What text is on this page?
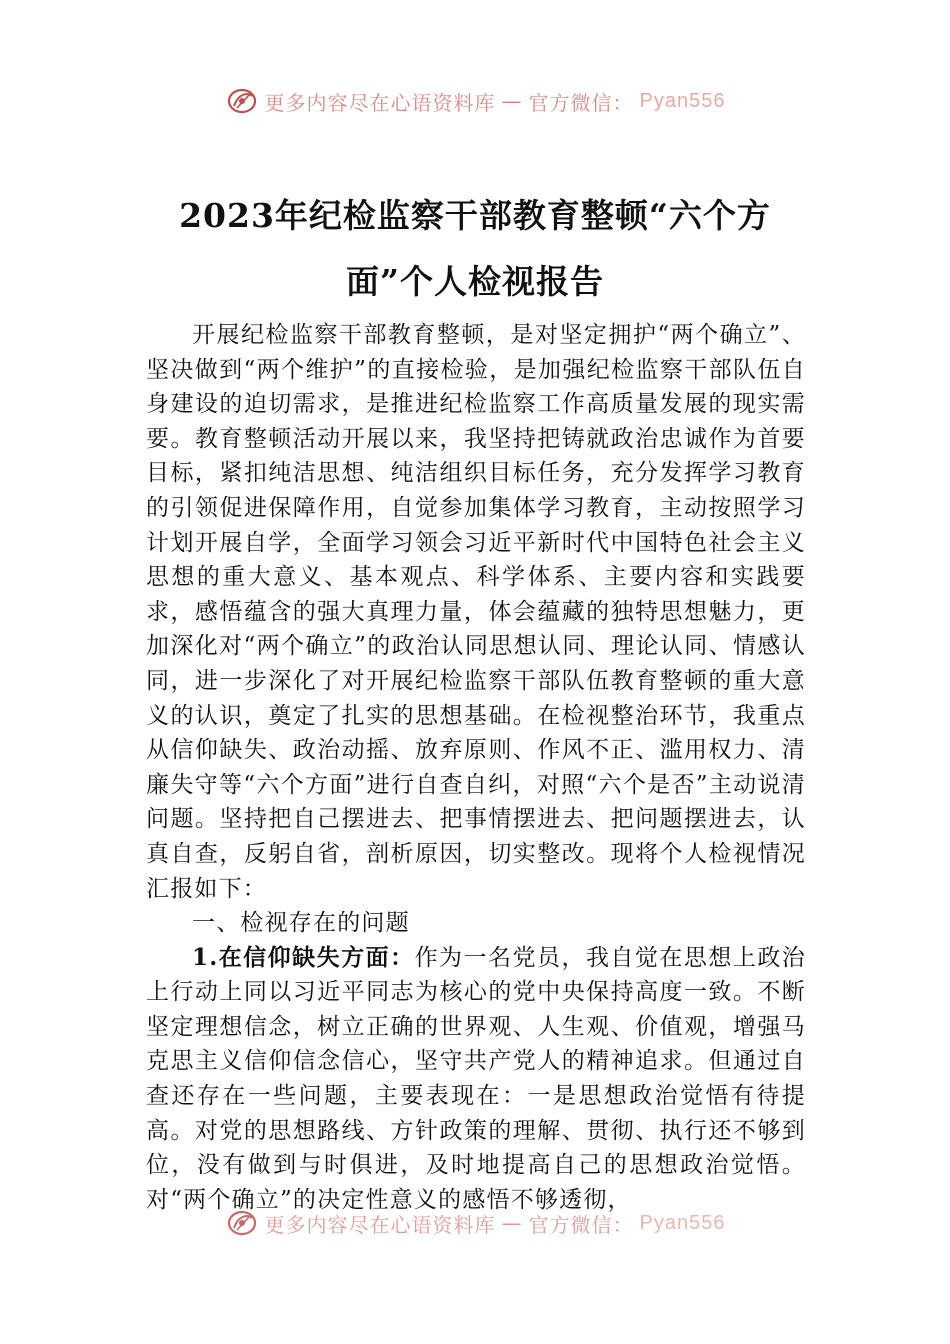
更多内容尽在心语资料库 — 官方微信： Pyan556
2023年纪检监察干部教育整顿“六个方
面”个人检视报告

开展纪检监察干部教育整顿，是对坚定拥护“两个确立”、坚决做到“两个维护”的直接检验，是加强纪检监察干部队伍自身建设的迫切需求，是推进纪检监察工作高质量发展的现实需要。教育整顿活动开展以来，我坚持把铸就政治忠诚作为首要目标，紧扣纯洁思想、纯洁组织目标任务，充分发挥学习教育的引领促进保障作用，自觉参加集体学习教育，主动按照学习计划开展自学，全面学习领会习近平新时代中国特色社会主义思想的重大意义、基本观点、科学体系、主要内容和实践要求，感悟蕴含的强大真理力量，体会蕴藏的独特思想魅力，更加深化对“两个确立”的政治认同思想认同、理论认同、情感认同，进一步深化了对开展纪检监察干部队伍教育整顿的重大意义的认识，奠定了扎实的思想基础。在检视整治环节，我重点从信仰缺失、政治动摇、放弃原则、作风不正、滥用权力、清廉失守等“六个方面”进行自查自纠，对照“六个是否”主动说清问题。坚持把自己摆进去、把事情摆进去、把问题摆进去，认真自查，反躬自省，剖析原因，切实整改。现将个人检视情况汇报如下：

一、检视存在的问题

1.在信仰缺失方面：作为一名党员，我自觉在思想上政治上行动上同以习近平同志为核心的党中央保持高度一致。不断坚定理想信念，树立正确的世界观、人生观、价值观，增强马克思主义信仰信念信心，坚守共产党人的精神追求。但通过自查还存在一些问题，主要表现在：一是思想政治觉悟有待提高。对党的思想路线、方针政策的理解、贯彻、执行还不够到位，没有做到与时俱进，及时地提高自己的思想政治觉悟。对“两个确立”的决定性意义的感悟不够透彻，

更多内容尽在心语资料库 — 官方微信： Pyan556
